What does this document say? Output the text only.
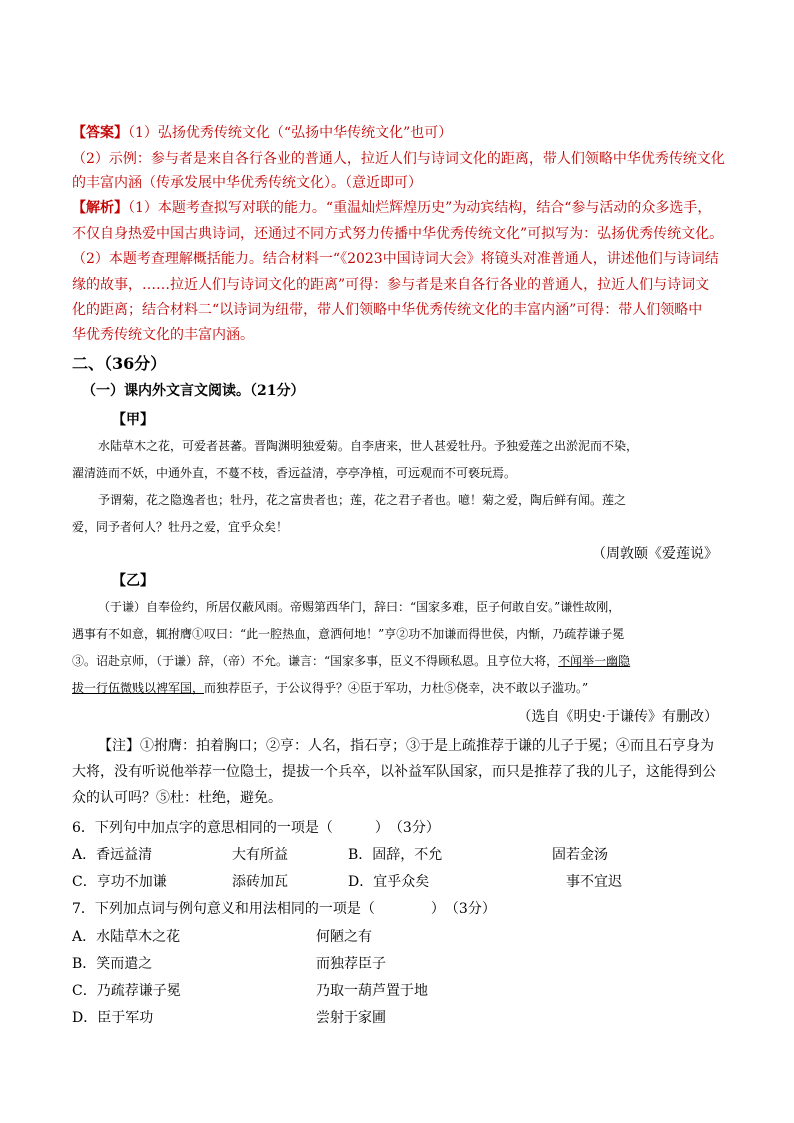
【答案】（1）弘扬优秀传统文化（“弘扬中华传统文化”也可）
（2）示例：参与者是来自各行各业的普通人，拉近人们与诗词文化的距离，带人们领略中华优秀传统文化
的丰富内涵（传承发展中华优秀传统文化）。（意近即可）
【解析】（1）本题考查拟写对联的能力。“重温灿烂辉煌历史”为动宾结构，结合“参与活动的众多选手，
不仅自身热爱中国古典诗词，还通过不同方式努力传播中华优秀传统文化”可拟写为：弘扬优秀传统文化。
（2）本题考查理解概括能力。结合材料一“《2023中国诗词大会》将镜头对准普通人，讲述他们与诗词结
缘的故事，……拉近人们与诗词文化的距离”可得：参与者是来自各行各业的普通人，拉近人们与诗词文
化的距离；结合材料二“以诗词为纽带，带人们领略中华优秀传统文化的丰富内涵”可得：带人们领略中
华优秀传统文化的丰富内涵。
二、（36分）
（一）课内外文言文阅读。（21分）
【甲】
水陆草木之花，可爱者甚蕃。晋陶渊明独爱菊。自李唐来，世人甚爱牡丹。予独爱莲之出淤泥而不染，
濯清涟而不妖，中通外直，不蔓不枝，香远益清，亭亭净植，可远观而不可亵玩焉。
予谓菊，花之隐逸者也；牡丹，花之富贵者也；莲，花之君子者也。噫！菊之爱，陶后鲜有闻。莲之
爱，同予者何人？牡丹之爱，宜乎众矣！
（周敦颐《爱莲说》
【乙】
（于谦）自奉俭约，所居仅蔽风雨。帝赐第西华门，辞曰：“国家多难，臣子何敢自安。”谦性故刚，
遇事有不如意，辄拊膺①叹曰：“此一腔热血，意洒何地！”亨②功不加谦而得世侯，内惭，乃疏荐谦子冕
③。诏赴京师，（于谦）辞，（帝）不允。谦言：“国家多事，臣义不得顾私恩。且亨位大将，不闻举一幽隐
拔一行伍微贱以裨军国，而独荐臣子，于公议得乎？④臣于军功，力杜⑤侥幸，决不敢以子滥功。”
（选自《明史·于谦传》有删改）
【注】①拊膺：拍着胸口；②亨：人名，指石亨；③于是上疏推荐于谦的儿子于冕；④而且石亨身为
大将，没有听说他举荐一位隐士，提拔一个兵卒，以补益军队国家，而只是推荐了我的儿子，这能得到公
众的认可吗？⑤杜：杜绝，避免。
6．下列句中加点字的意思相同的一项是（　　　）　（3分）
A．香远益清	大有所益	B．固辞，不允	固若金汤
C．亨功不加谦	添砖加瓦	D．宜乎众矣	事不宜迟
7．下列加点词与例句意义和用法相同的一项是（　　　　）　（3分）
A．水陆草木之花	何陋之有
B．笑而遣之	而独荐臣子
C．乃疏荐谦子冕	乃取一葫芦置于地
D．臣于军功	尝射于家圃
